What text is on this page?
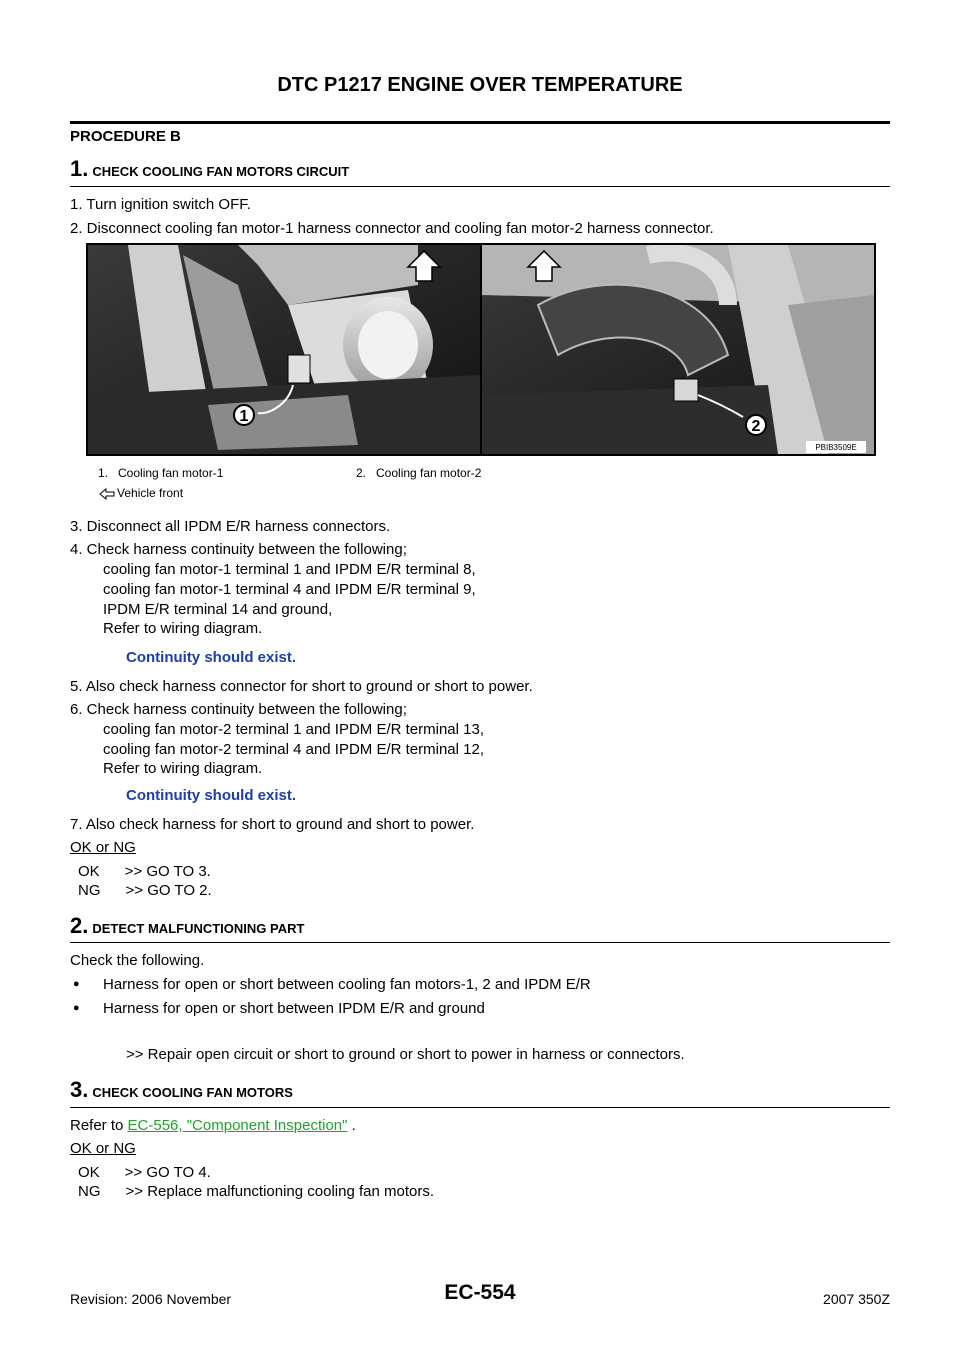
DTC P1217 ENGINE OVER TEMPERATURE
PROCEDURE B
1. CHECK COOLING FAN MOTORS CIRCUIT
1. Turn ignition switch OFF.
2. Disconnect cooling fan motor-1 harness connector and cooling fan motor-2 harness connector.
1
2
PBIB3509E
1.   Cooling fan motor-1	2.   Cooling fan motor-2
Vehicle front
3. Disconnect all IPDM E/R harness connectors.
4. Check harness continuity between the following;
cooling fan motor-1 terminal 1 and IPDM E/R terminal 8,
cooling fan motor-1 terminal 4 and IPDM E/R terminal 9,
IPDM E/R terminal 14 and ground,
Refer to wiring diagram.
Continuity should exist.
5. Also check harness connector for short to ground or short to power.
6. Check harness continuity between the following;
cooling fan motor-2 terminal 1 and IPDM E/R terminal 13,
cooling fan motor-2 terminal 4 and IPDM E/R terminal 12,
Refer to wiring diagram.
Continuity should exist.
7. Also check harness for short to ground and short to power.
OK or NG
OK      >> GO TO 3.
NG      >> GO TO 2.
2. DETECT MALFUNCTIONING PART
Check the following.
● Harness for open or short between cooling fan motors-1, 2 and IPDM E/R
● Harness for open or short between IPDM E/R and ground
>> Repair open circuit or short to ground or short to power in harness or connectors.
3. CHECK COOLING FAN MOTORS
Refer to EC-556, "Component Inspection" .
OK or NG
OK      >> GO TO 4.
NG      >> Replace malfunctioning cooling fan motors.
Revision: 2006 November	EC-554	2007 350Z
